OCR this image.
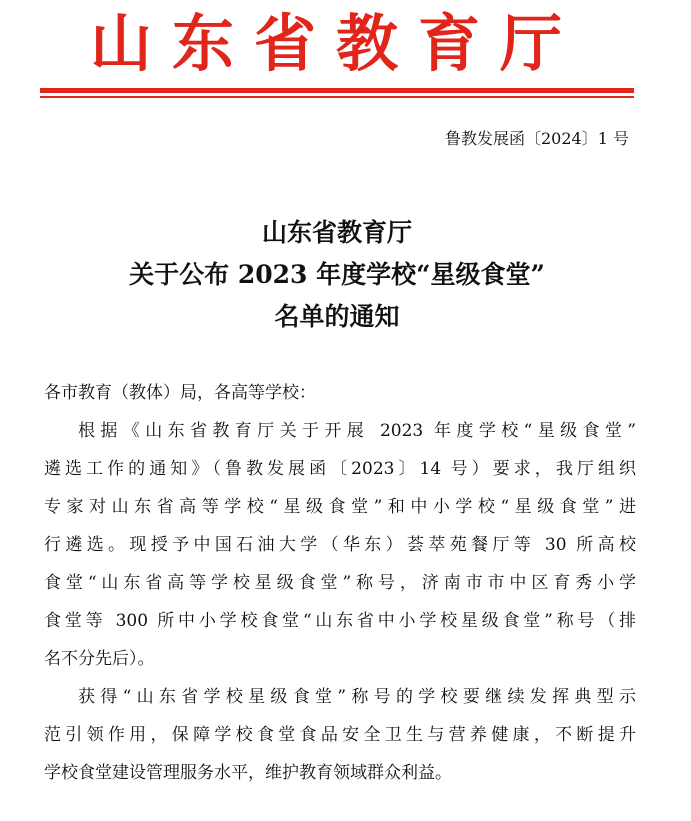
山东省教育厅
鲁教发展函〔2024〕1 号
山东省教育厅
关于公布 2023 年度学校“星级食堂”
名单的通知
各市教育（教体）局，各高等学校：
根据《山东省教育厅关于开展 2023 年度学校“星级食堂”
遴选工作的通知》（鲁教发展函〔2023〕14 号）要求，我厅组织
专家对山东省高等学校“星级食堂”和中小学校“星级食堂”进
行遴选。现授予中国石油大学（华东）荟萃苑餐厅等 30 所高校
食堂“山东省高等学校星级食堂”称号，济南市市中区育秀小学
食堂等 300 所中小学校食堂“山东省中小学校星级食堂”称号（排
名不分先后）。
获得“山东省学校星级食堂”称号的学校要继续发挥典型示
范引领作用，保障学校食堂食品安全卫生与营养健康，不断提升
学校食堂建设管理服务水平，维护教育领域群众利益。
